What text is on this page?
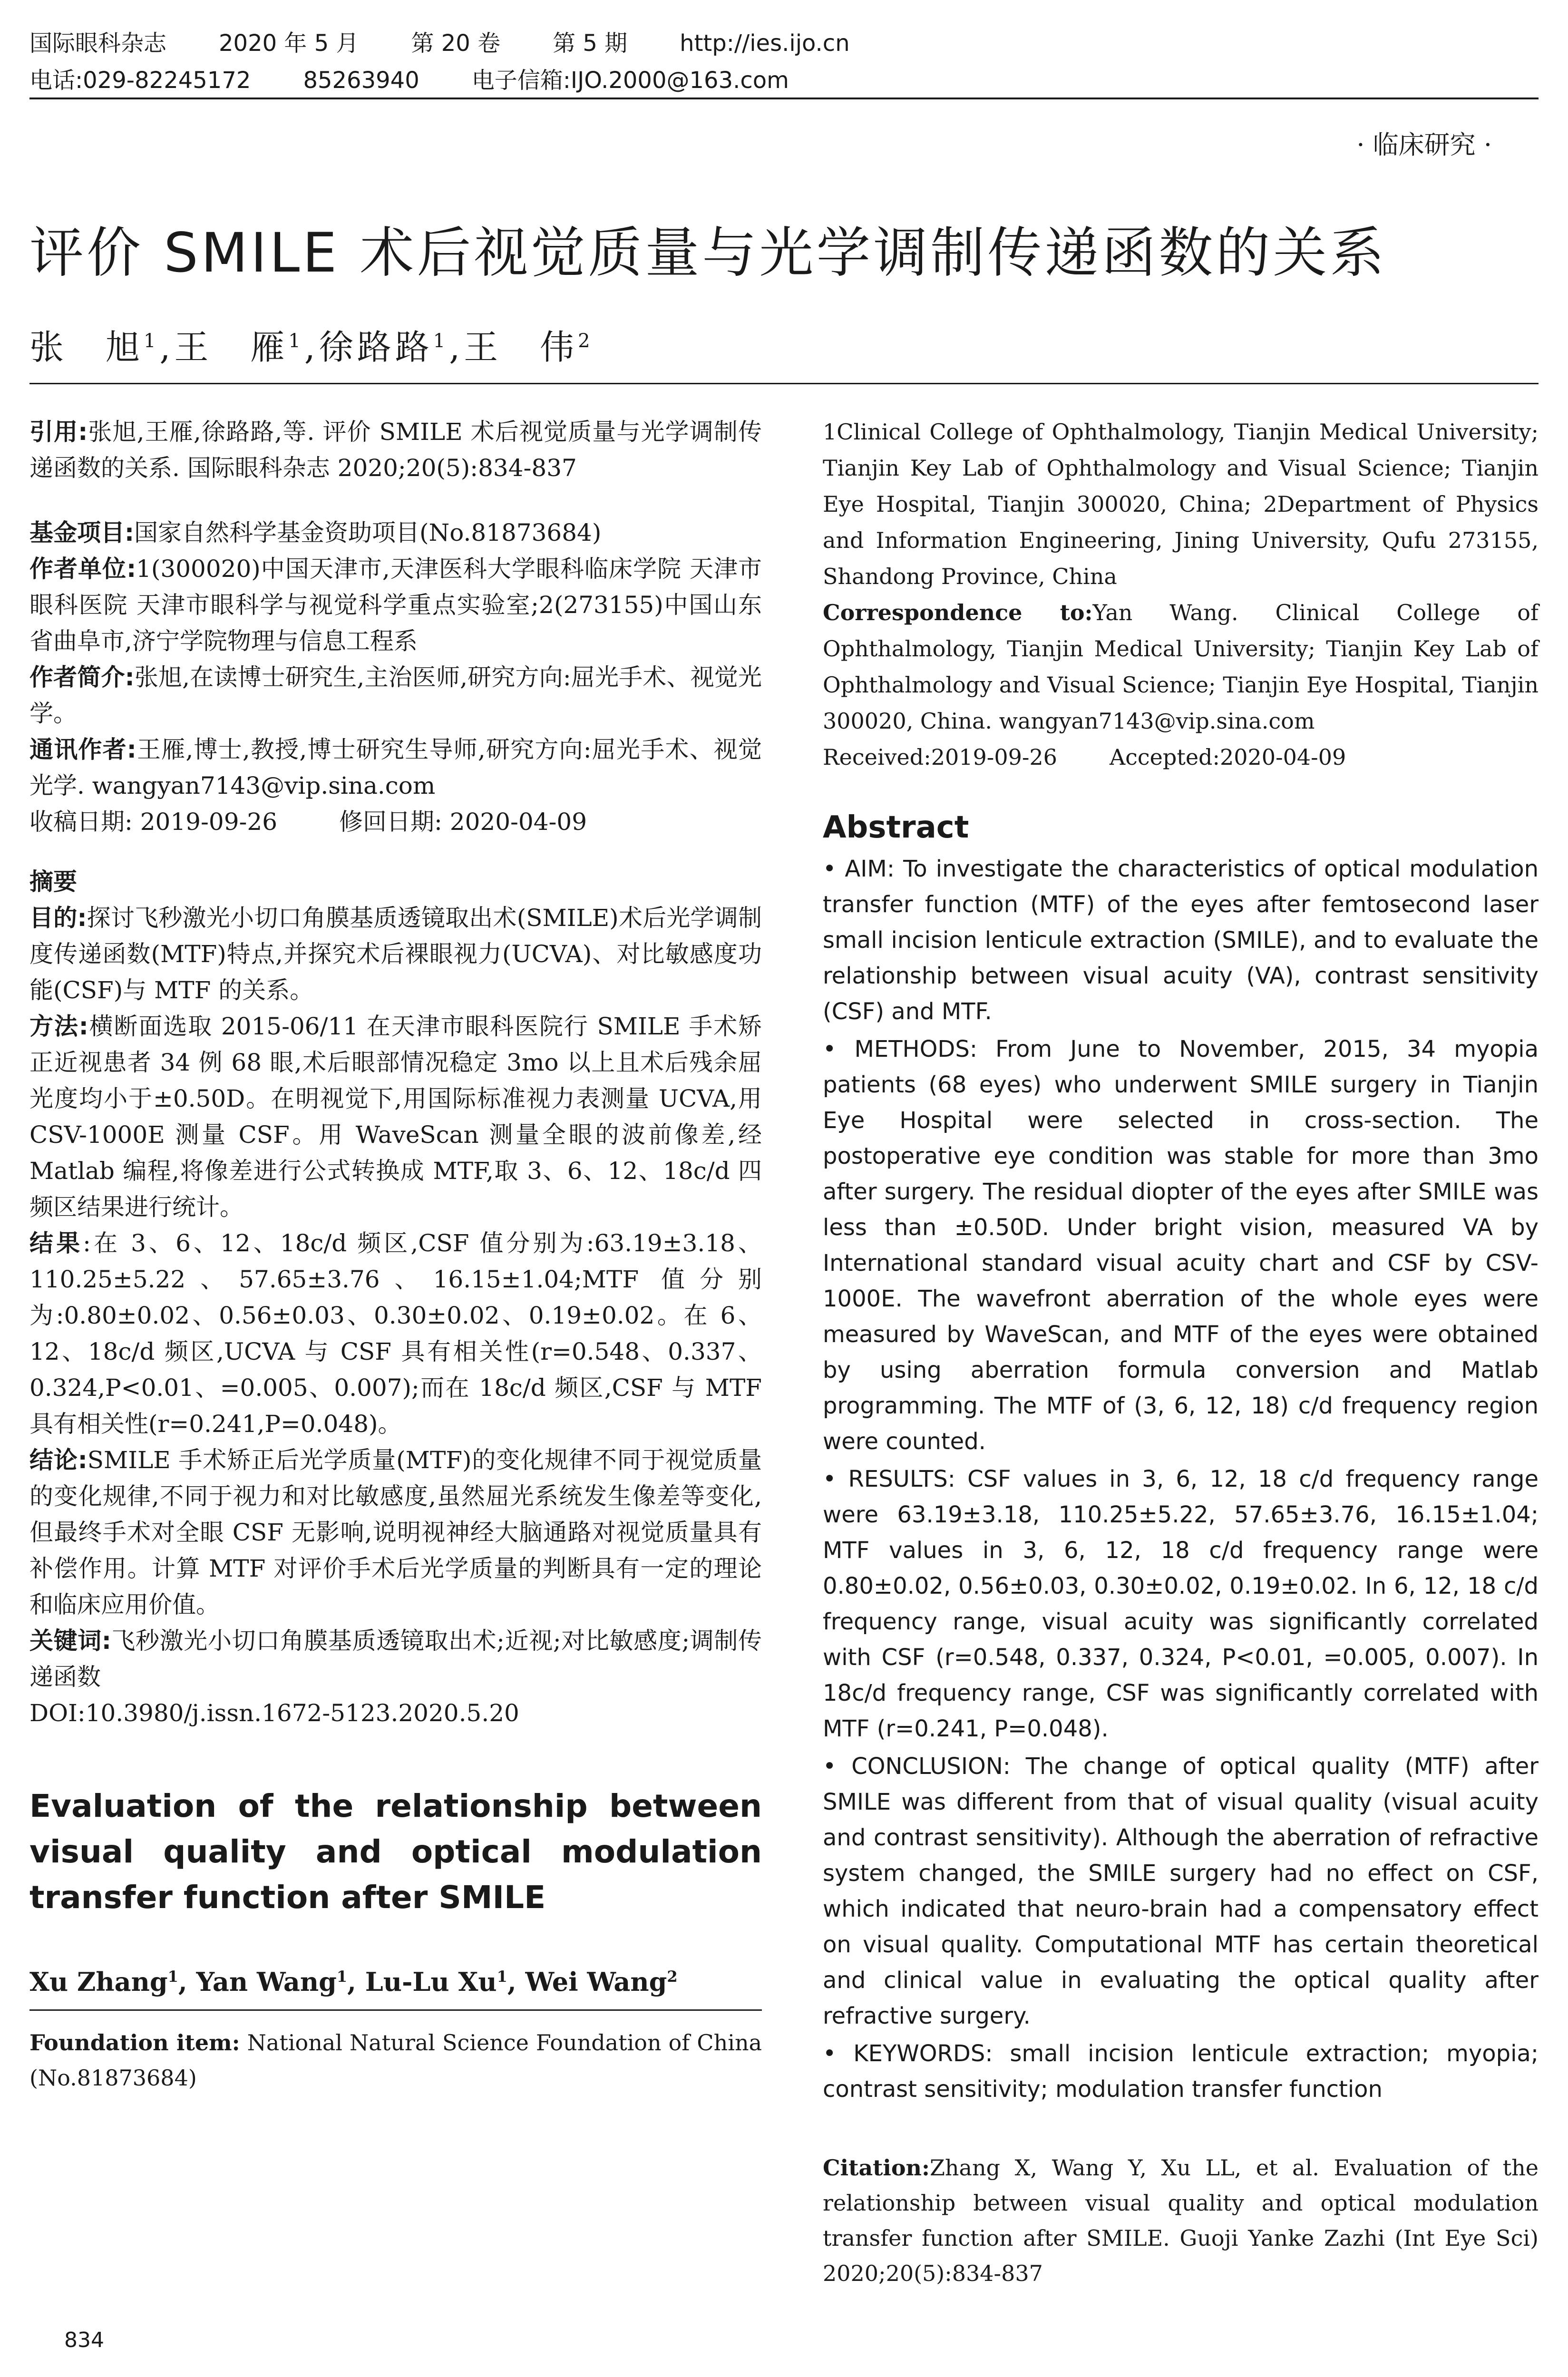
国际眼科杂志 2020 年 5 月 第 20 卷 第 5 期 http://ies.ijo.cn
电话:029-82245172 85263940 电子信箱:IJO.2000@163.com
· 临床研究 ·
评价 SMILE 术后视觉质量与光学调制传递函数的关系
张　旭$^1$,王　雁$^1$,徐路路$^1$,王　伟$^2$
引用:张旭,王雁,徐路路,等. 评价 SMILE 术后视觉质量与光学调制传递函数的关系. 国际眼科杂志 2020;20(5):834-837

基金项目:国家自然科学基金资助项目(No.81873684)

作者单位:1(300020)中国天津市,天津医科大学眼科临床学院 天津市眼科医院 天津市眼科学与视觉科学重点实验室;2(273155)中国山东省曲阜市,济宁学院物理与信息工程系

作者简介:张旭,在读博士研究生,主治医师,研究方向:屈光手术、视觉光学。

通讯作者:王雁,博士,教授,博士研究生导师,研究方向:屈光手术、视觉光学. wangyan7143@vip.sina.com

收稿日期: 2019-09-26	修回日期: 2020-04-09

摘要

目的:探讨飞秒激光小切口角膜基质透镜取出术(SMILE)术后光学调制度传递函数(MTF)特点,并探究术后裸眼视力(UCVA)、对比敏感度功能(CSF)与 MTF 的关系。

方法:横断面选取 2015-06/11 在天津市眼科医院行 SMILE 手术矫正近视患者 34 例 68 眼,术后眼部情况稳定 3mo 以上且术后残余屈光度均小于±0.50D。在明视觉下,用国际标准视力表测量 UCVA,用 CSV-1000E 测量 CSF。用 WaveScan 测量全眼的波前像差,经 Matlab 编程,将像差进行公式转换成 MTF,取 3、6、12、18c/d 四频区结果进行统计。

结果:在 3、6、12、18c/d 频区,CSF 值分别为:63.19±3.18、110.25±5.22、57.65±3.76、16.15±1.04;MTF 值分别为:0.80±0.02、0.56±0.03、0.30±0.02、0.19±0.02。在 6、12、18c/d 频区,UCVA 与 CSF 具有相关性(r=0.548、0.337、0.324,P<0.01、=0.005、0.007);而在 18c/d 频区,CSF 与 MTF 具有相关性(r=0.241,P=0.048)。

结论:SMILE 手术矫正后光学质量(MTF)的变化规律不同于视觉质量的变化规律,不同于视力和对比敏感度,虽然屈光系统发生像差等变化,但最终手术对全眼 CSF 无影响,说明视神经大脑通路对视觉质量具有补偿作用。计算 MTF 对评价手术后光学质量的判断具有一定的理论和临床应用价值。

关键词:飞秒激光小切口角膜基质透镜取出术;近视;对比敏感度;调制传递函数

DOI:10.3980/j.issn.1672-5123.2020.5.20

Evaluation of the relationship between visual quality and optical modulation transfer function after SMILE
Xu Zhang$^1$, Yan Wang$^1$, Lu-Lu Xu$^1$, Wei Wang$^2$
Foundation item: National Natural Science Foundation of China (No.81873684)

1Clinical College of Ophthalmology, Tianjin Medical University; Tianjin Key Lab of Ophthalmology and Visual Science; Tianjin Eye Hospital, Tianjin 300020, China; 2Department of Physics and Information Engineering, Jining University, Qufu 273155, Shandong Province, China

Correspondence to:Yan Wang. Clinical College of Ophthalmology, Tianjin Medical University; Tianjin Key Lab of Ophthalmology and Visual Science; Tianjin Eye Hospital, Tianjin 300020, China. wangyan7143@vip.sina.com

Received:2019-09-26 Accepted:2020-04-09

Abstract

• AIM: To investigate the characteristics of optical modulation transfer function (MTF) of the eyes after femtosecond laser small incision lenticule extraction (SMILE), and to evaluate the relationship between visual acuity (VA), contrast sensitivity (CSF) and MTF.

• METHODS: From June to November, 2015, 34 myopia patients (68 eyes) who underwent SMILE surgery in Tianjin Eye Hospital were selected in cross-section. The postoperative eye condition was stable for more than 3mo after surgery. The residual diopter of the eyes after SMILE was less than ±0.50D. Under bright vision, measured VA by International standard visual acuity chart and CSF by CSV-1000E. The wavefront aberration of the whole eyes were measured by WaveScan, and MTF of the eyes were obtained by using aberration formula conversion and Matlab programming. The MTF of (3, 6, 12, 18) c/d frequency region were counted.

• RESULTS: CSF values in 3, 6, 12, 18 c/d frequency range were 63.19±3.18, 110.25±5.22, 57.65±3.76, 16.15±1.04; MTF values in 3, 6, 12, 18 c/d frequency range were 0.80±0.02, 0.56±0.03, 0.30±0.02, 0.19±0.02. In 6, 12, 18 c/d frequency range, visual acuity was significantly correlated with CSF (r=0.548, 0.337, 0.324, P<0.01, =0.005, 0.007). In 18c/d frequency range, CSF was significantly correlated with MTF (r=0.241, P=0.048).

• CONCLUSION: The change of optical quality (MTF) after SMILE was different from that of visual quality (visual acuity and contrast sensitivity). Although the aberration of refractive system changed, the SMILE surgery had no effect on CSF, which indicated that neuro-brain had a compensatory effect on visual quality. Computational MTF has certain theoretical and clinical value in evaluating the optical quality after refractive surgery.

• KEYWORDS: small incision lenticule extraction; myopia; contrast sensitivity; modulation transfer function

Citation:Zhang X, Wang Y, Xu LL, et al. Evaluation of the relationship between visual quality and optical modulation transfer function after SMILE. Guoji Yanke Zazhi (Int Eye Sci) 2020;20(5):834-837
834
